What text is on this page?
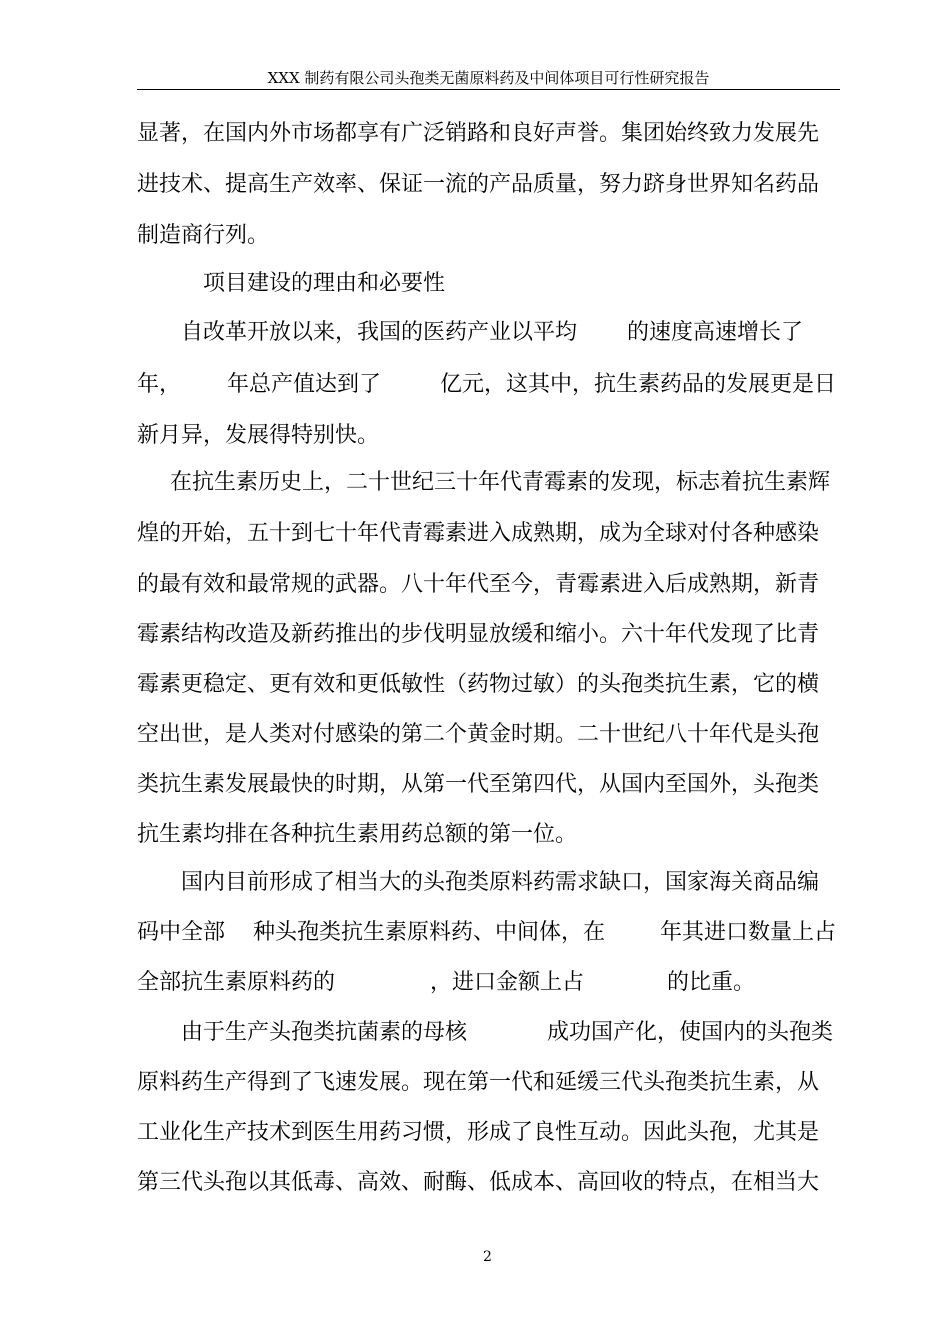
XXX 制药有限公司头孢类无菌原料药及中间体项目可行性研究报告
显著，在国内外市场都享有广泛销路和良好声誉。集团始终致力发展先
进技术、提高生产效率、保证一流的产品质量，努力跻身世界知名药品
制造商行列。
项目建设的理由和必要性
自改革开放以来，我国的医药产业以平均 的速度高速增长了
年， 年总产值达到了	亿元，这其中，抗生素药品的发展更是日
新月异，发展得特别快。
在抗生素历史上，二十世纪三十年代青霉素的发现，标志着抗生素辉
煌的开始，五十到七十年代青霉素进入成熟期，成为全球对付各种感染
的最有效和最常规的武器。八十年代至今，青霉素进入后成熟期，新青
霉素结构改造及新药推出的步伐明显放缓和缩小。六十年代发现了比青
霉素更稳定、更有效和更低敏性（药物过敏）的头孢类抗生素，它的横
空出世，是人类对付感染的第二个黄金时期。二十世纪八十年代是头孢
类抗生素发展最快的时期，从第一代至第四代，从国内至国外，头孢类
抗生素均排在各种抗生素用药总额的第一位。
国内目前形成了相当大的头孢类原料药需求缺口，国家海关商品编
码中全部 种头孢类抗生素原料药、中间体，在 年其进口数量上占
全部抗生素原料药的	，进口金额上占	的比重。
由于生产头孢类抗菌素的母核	成功国产化，使国内的头孢类
原料药生产得到了飞速发展。现在第一代和延缓三代头孢类抗生素，从
工业化生产技术到医生用药习惯，形成了良性互动。因此头孢，尤其是
第三代头孢以其低毒、高效、耐酶、低成本、高回收的特点，在相当大
2
